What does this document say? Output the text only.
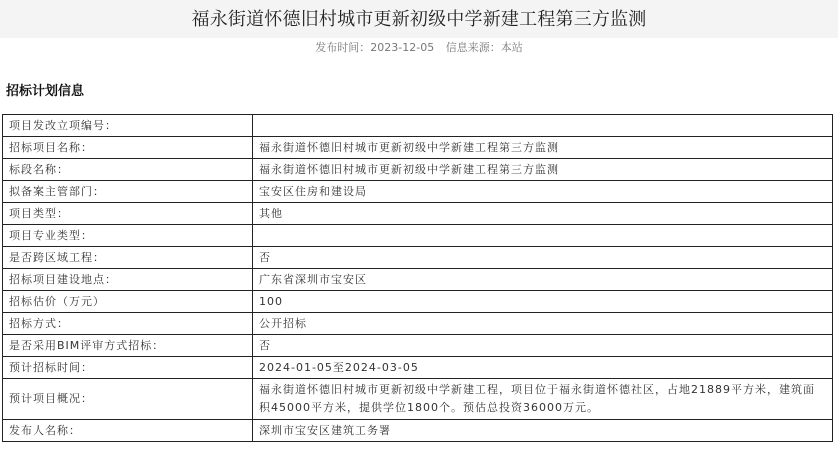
福永街道怀德旧村城市更新初级中学新建工程第三方监测
发布时间：2023-12-05 信息来源：本站
招标计划信息
项目发改立项编号：	
招标项目名称：	福永街道怀德旧村城市更新初级中学新建工程第三方监测
标段名称：	福永街道怀德旧村城市更新初级中学新建工程第三方监测
拟备案主管部门：	宝安区住房和建设局
项目类型：	其他
项目专业类型：	
是否跨区域工程：	否
招标项目建设地点：	广东省深圳市宝安区
招标估价（万元）	100
招标方式：	公开招标
是否采用BIM评审方式招标：	否
预计招标时间：	2024-01-05至2024-03-05
预计项目概况：	福永街道怀德旧村城市更新初级中学新建工程，项目位于福永街道怀德社区，占地21889平方米，建筑面积45000平方米，提供学位1800个。预估总投资36000万元。
发布人名称：	深圳市宝安区建筑工务署
